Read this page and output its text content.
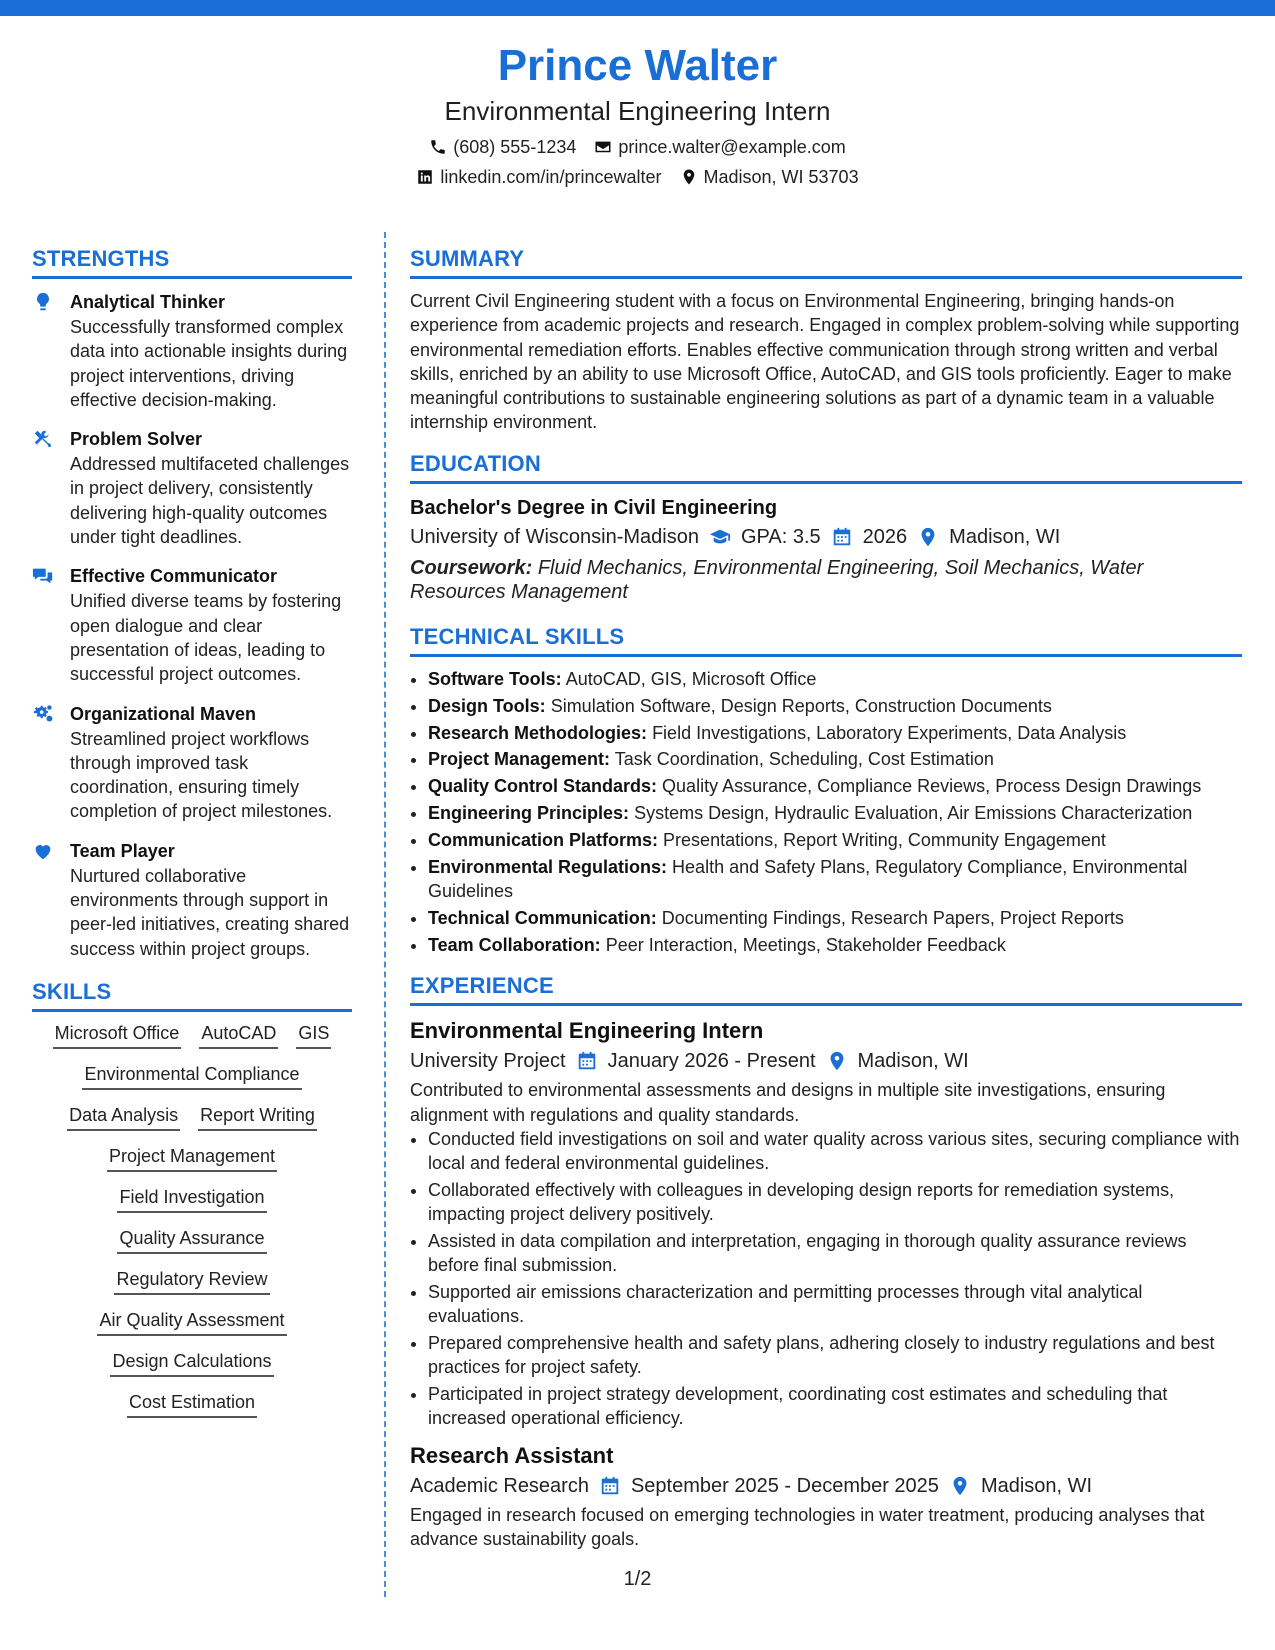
Prince Walter
Environmental Engineering Intern
(608) 555-1234 prince.walter@example.com
linkedin.com/in/princewalter Madison, WI 53703
STRENGTHS
Analytical Thinker
Successfully transformed complex data into actionable insights during project interventions, driving effective decision-making.
Problem Solver
Addressed multifaceted challenges in project delivery, consistently delivering high-quality outcomes under tight deadlines.
Effective Communicator
Unified diverse teams by fostering open dialogue and clear presentation of ideas, leading to successful project outcomes.
Organizational Maven
Streamlined project workflows through improved task coordination, ensuring timely completion of project milestones.
Team Player
Nurtured collaborative environments through support in peer-led initiatives, creating shared success within project groups.
SKILLS
Microsoft Office AutoCAD GIS
Environmental Compliance
Data Analysis Report Writing
Project Management
Field Investigation
Quality Assurance
Regulatory Review
Air Quality Assessment
Design Calculations
Cost Estimation
SUMMARY
Current Civil Engineering student with a focus on Environmental Engineering, bringing hands-on experience from academic projects and research. Engaged in complex problem-solving while supporting environmental remediation efforts. Enables effective communication through strong written and verbal skills, enriched by an ability to use Microsoft Office, AutoCAD, and GIS tools proficiently. Eager to make meaningful contributions to sustainable engineering solutions as part of a dynamic team in a valuable internship environment.
EDUCATION
Bachelor's Degree in Civil Engineering
University of Wisconsin-Madison GPA: 3.5 2026 Madison, WI
Coursework: Fluid Mechanics, Environmental Engineering, Soil Mechanics, Water Resources Management
TECHNICAL SKILLS
• Software Tools: AutoCAD, GIS, Microsoft Office
• Design Tools: Simulation Software, Design Reports, Construction Documents
• Research Methodologies: Field Investigations, Laboratory Experiments, Data Analysis
• Project Management: Task Coordination, Scheduling, Cost Estimation
• Quality Control Standards: Quality Assurance, Compliance Reviews, Process Design Drawings
• Engineering Principles: Systems Design, Hydraulic Evaluation, Air Emissions Characterization
• Communication Platforms: Presentations, Report Writing, Community Engagement
• Environmental Regulations: Health and Safety Plans, Regulatory Compliance, Environmental Guidelines
• Technical Communication: Documenting Findings, Research Papers, Project Reports
• Team Collaboration: Peer Interaction, Meetings, Stakeholder Feedback
EXPERIENCE
Environmental Engineering Intern
University Project January 2026 - Present Madison, WI
Contributed to environmental assessments and designs in multiple site investigations, ensuring alignment with regulations and quality standards.
• Conducted field investigations on soil and water quality across various sites, securing compliance with local and federal environmental guidelines.
• Collaborated effectively with colleagues in developing design reports for remediation systems, impacting project delivery positively.
• Assisted in data compilation and interpretation, engaging in thorough quality assurance reviews before final submission.
• Supported air emissions characterization and permitting processes through vital analytical evaluations.
• Prepared comprehensive health and safety plans, adhering closely to industry regulations and best practices for project safety.
• Participated in project strategy development, coordinating cost estimates and scheduling that increased operational efficiency.
Research Assistant
Academic Research September 2025 - December 2025 Madison, WI
Engaged in research focused on emerging technologies in water treatment, producing analyses that advance sustainability goals.
1/2
